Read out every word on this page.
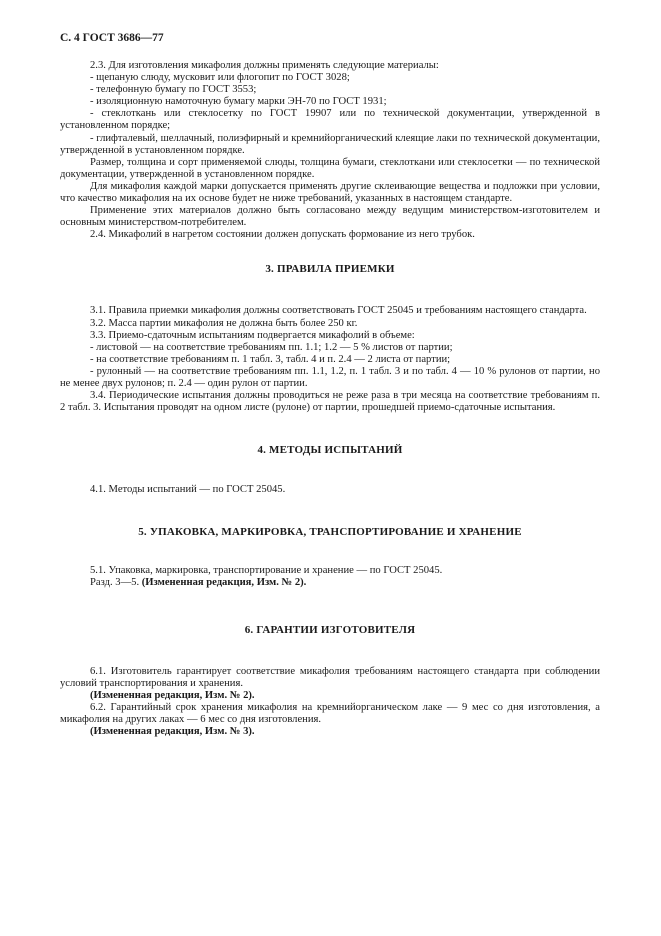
С. 4 ГОСТ 3686—77

2.3. Для изготовления микафолия должны применять следующие материалы:

- щепаную слюду, мусковит или флогопит по ГОСТ 3028;

- телефонную бумагу по ГОСТ 3553;

- изоляционную намоточную бумагу марки ЭН-70 по ГОСТ 1931;

- стеклоткань или стеклосетку по ГОСТ 19907 или по технической документации, утвержденной в установленном порядке;

- глифталевый, шеллачный, полиэфирный и кремнийорганический клеящие лаки по технической документации, утвержденной в установленном порядке.

Размер, толщина и сорт применяемой слюды, толщина бумаги, стеклоткани или стеклосетки — по технической документации, утвержденной в установленном порядке.

Для микафолия каждой марки допускается применять другие склеивающие вещества и подложки при условии, что качество микафолия на их основе будет не ниже требований, указанных в настоящем стандарте.

Применение этих материалов должно быть согласовано между ведущим министерством-изготовителем и основным министерством-потребителем.

2.4. Микафолий в нагретом состоянии должен допускать формование из него трубок.

3. ПРАВИЛА ПРИЕМКИ

3.1. Правила приемки микафолия должны соответствовать ГОСТ 25045 и требованиям настоящего стандарта.

3.2. Масса партии микафолия не должна быть более 250 кг.

3.3. Приемо-сдаточным испытаниям подвергается микафолий в объеме:

- листовой — на соответствие требованиям пп. 1.1; 1.2 — 5 % листов от партии;

- на соответствие требованиям п. 1 табл. 3, табл. 4 и п. 2.4 — 2 листа от партии;

- рулонный — на соответствие требованиям пп. 1.1, 1.2, п. 1 табл. 3 и по табл. 4 — 10 % рулонов от партии, но не менее двух рулонов; п. 2.4 — один рулон от партии.

3.4. Периодические испытания должны проводиться не реже раза в три месяца на соответствие требованиям п. 2 табл. 3. Испытания проводят на одном листе (рулоне) от партии, прошедшей приемо-сдаточные испытания.

4. МЕТОДЫ ИСПЫТАНИЙ

4.1. Методы испытаний — по ГОСТ 25045.

5. УПАКОВКА, МАРКИРОВКА, ТРАНСПОРТИРОВАНИЕ И ХРАНЕНИЕ

5.1. Упаковка, маркировка, транспортирование и хранение — по ГОСТ 25045.

Разд. 3—5. (Измененная редакция, Изм. № 2).

6. ГАРАНТИИ ИЗГОТОВИТЕЛЯ

6.1. Изготовитель гарантирует соответствие микафолия требованиям настоящего стандарта при соблюдении условий транспортирования и хранения.

(Измененная редакция, Изм. № 2).

6.2. Гарантийный срок хранения микафолия на кремнийорганическом лаке — 9 мес со дня изготовления, а микафолия на других лаках — 6 мес со дня изготовления.

(Измененная редакция, Изм. № 3).
